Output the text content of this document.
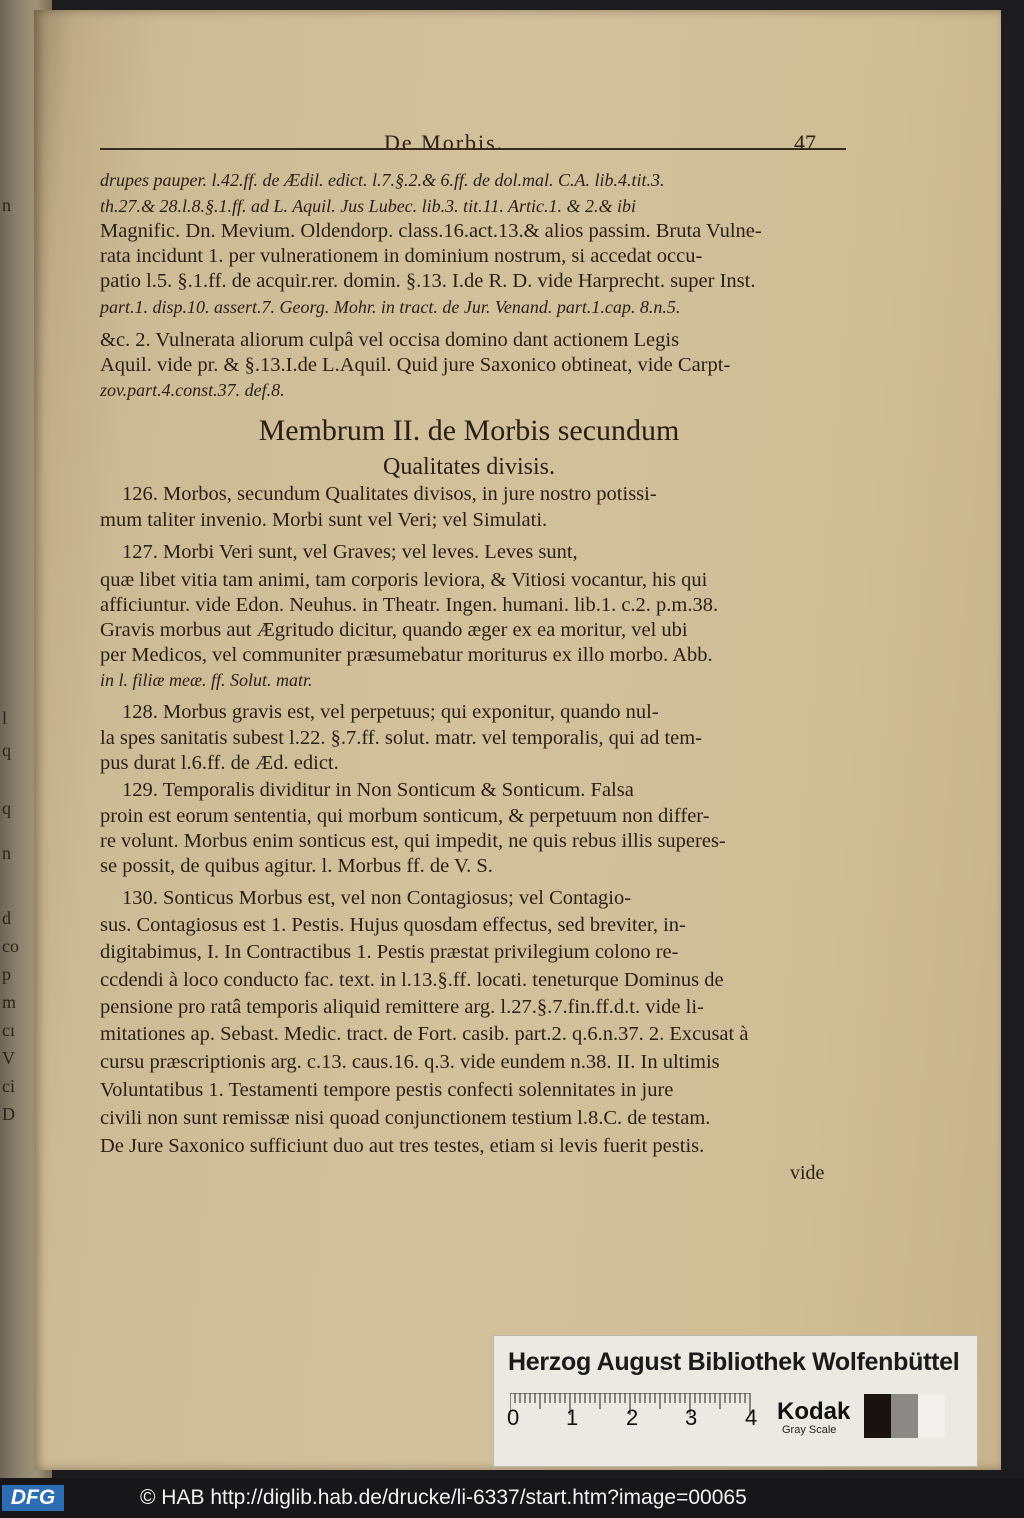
n
l
q
q
n
d
co
p
m
cı
V
ci
D
De Morbis.	47
drupes pauper. l.42.ff. de Ædil. edict. l.7.§.2.& 6.ff. de dol.mal. C.A. lib.4.tit.3.
th.27.& 28.l.8.§.1.ff. ad L. Aquil. Jus Lubec. lib.3. tit.11. Artic.1. & 2.& ibi
Magnific. Dn. Mevium. Oldendorp. class.16.act.13.& alios passim. Bruta Vulne-
rata incidunt 1. per vulnerationem in dominium nostrum, si accedat occu-
patio l.5. §.1.ff. de acquir.rer. domin. §.13. I.de R. D. vide Harprecht. super Inst.
part.1. disp.10. assert.7. Georg. Mohr. in tract. de Jur. Venand. part.1.cap. 8.n.5.
&c. 2. Vulnerata aliorum culpâ vel occisa domino dant actionem Legis
Aquil. vide pr. & §.13.I.de L.Aquil. Quid jure Saxonico obtineat, vide Carpt-
zov.part.4.const.37. def.8.
Membrum II. de Morbis secundum
Qualitates divisis.
126. Morbos, secundum Qualitates divisos, in jure nostro potissi-
mum taliter invenio. Morbi sunt vel Veri; vel Simulati.
127. Morbi Veri sunt, vel Graves; vel leves. Leves sunt,
quæ libet vitia tam animi, tam corporis leviora, & Vitiosi vocantur, his qui
afficiuntur. vide Edon. Neuhus. in Theatr. Ingen. humani. lib.1. c.2. p.m.38.
Gravis morbus aut Ægritudo dicitur, quando æger ex ea moritur, vel ubi
per Medicos, vel communiter præsumebatur moriturus ex illo morbo. Abb.
in l. filiæ meæ. ff. Solut. matr.
128. Morbus gravis est, vel perpetuus; qui exponitur, quando nul-
la spes sanitatis subest l.22. §.7.ff. solut. matr. vel temporalis, qui ad tem-
pus durat l.6.ff. de Æd. edict.
129. Temporalis dividitur in Non Sonticum & Sonticum. Falsa
proin est eorum sententia, qui morbum sonticum, & perpetuum non differ-
re volunt. Morbus enim sonticus est, qui impedit, ne quis rebus illis superes-
se possit, de quibus agitur. l. Morbus ff. de V. S.
130. Sonticus Morbus est, vel non Contagiosus; vel Contagio-
sus. Contagiosus est 1. Pestis. Hujus quosdam effectus, sed breviter, in-
digitabimus, I. In Contractibus 1. Pestis præstat privilegium colono re-
ccdendi à loco conducto fac. text. in l.13.§.ff. locati. teneturque Dominus de
pensione pro ratâ temporis aliquid remittere arg. l.27.§.7.fin.ff.d.t. vide li-
mitationes ap. Sebast. Medic. tract. de Fort. casib. part.2. q.6.n.37. 2. Excusat à
cursu præscriptionis arg. c.13. caus.16. q.3. vide eundem n.38. II. In ultimis
Voluntatibus 1. Testamenti tempore pestis confecti solennitates in jure
civili non sunt remissæ nisi quoad conjunctionem testium l.8.C. de testam.
De Jure Saxonico sufficiunt duo aut tres testes, etiam si levis fuerit pestis.
vide
Herzog August Bibliothek Wolfenbüttel
0 1 2 3 4 Kodak
Gray Scale
DFG	© HAB http://diglib.hab.de/drucke/li-6337/start.htm?image=00065
